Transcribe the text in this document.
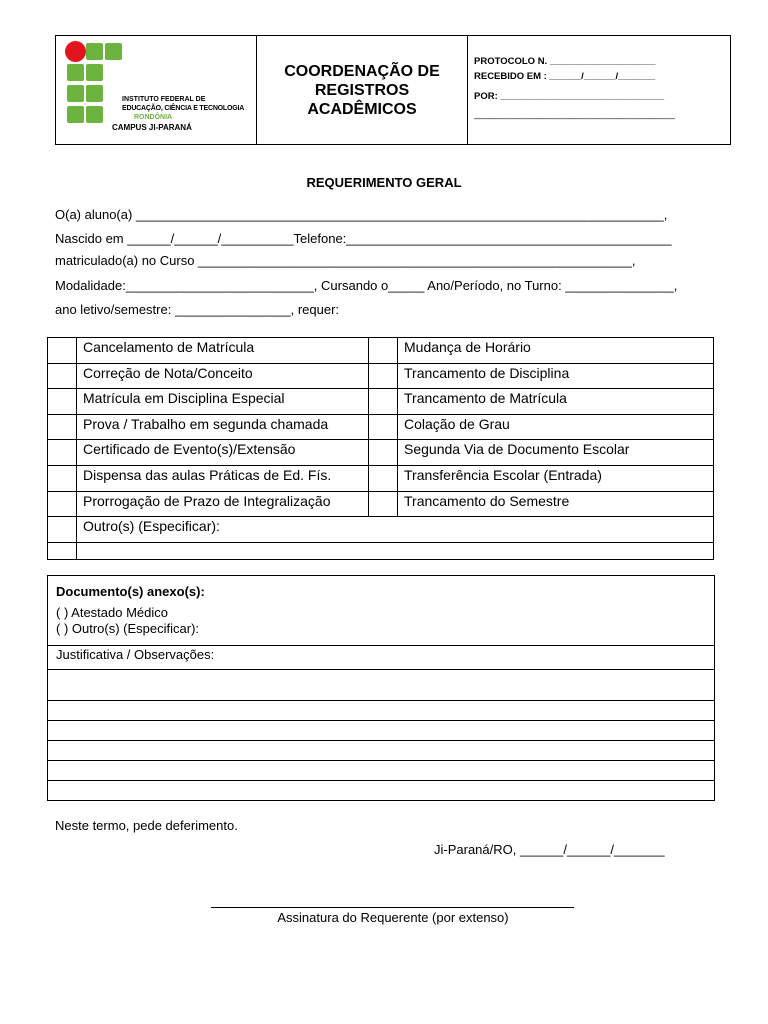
INSTITUTO FEDERAL DE
EDUCAÇÃO, CIÊNCIA E TECNOLOGIA
RONDÔNIA
CAMPUS JI-PARANÁ
COORDENAÇÃO DE
REGISTROS
ACADÊMICOS
PROTOCOLO N. ____________________
RECEBIDO EM : ______/______/_______
POR: _______________________________
______________________________________
REQUERIMENTO GERAL
O(a) aluno(a) _________________________________________________________________________,
Nascido em ______/______/__________Telefone:_____________________________________________
matriculado(a) no Curso ____________________________________________________________,
Modalidade:__________________________, Cursando o_____ Ano/Período, no Turno: _______________,
ano letivo/semestre: ________________, requer:
	Cancelamento de Matrícula		Mudança de Horário
	Correção de Nota/Conceito		Trancamento de Disciplina
	Matrícula em Disciplina Especial		Trancamento de Matrícula
	Prova / Trabalho em segunda chamada		Colação de Grau
	Certificado de Evento(s)/Extensão		Segunda Via de Documento Escolar
	Dispensa das aulas Práticas de Ed. Fís.		Transferência Escolar (Entrada)
	Prorrogação de Prazo de Integralização		Trancamento do Semestre
	Outro(s) (Especificar):		

Documento(s) anexo(s):
( ) Atestado Médico
( ) Outro(s) (Especificar):
Justificativa / Observações:
Neste termo, pede deferimento.
Ji-Paraná/RO, ______/______/_______
Assinatura do Requerente (por extenso)
